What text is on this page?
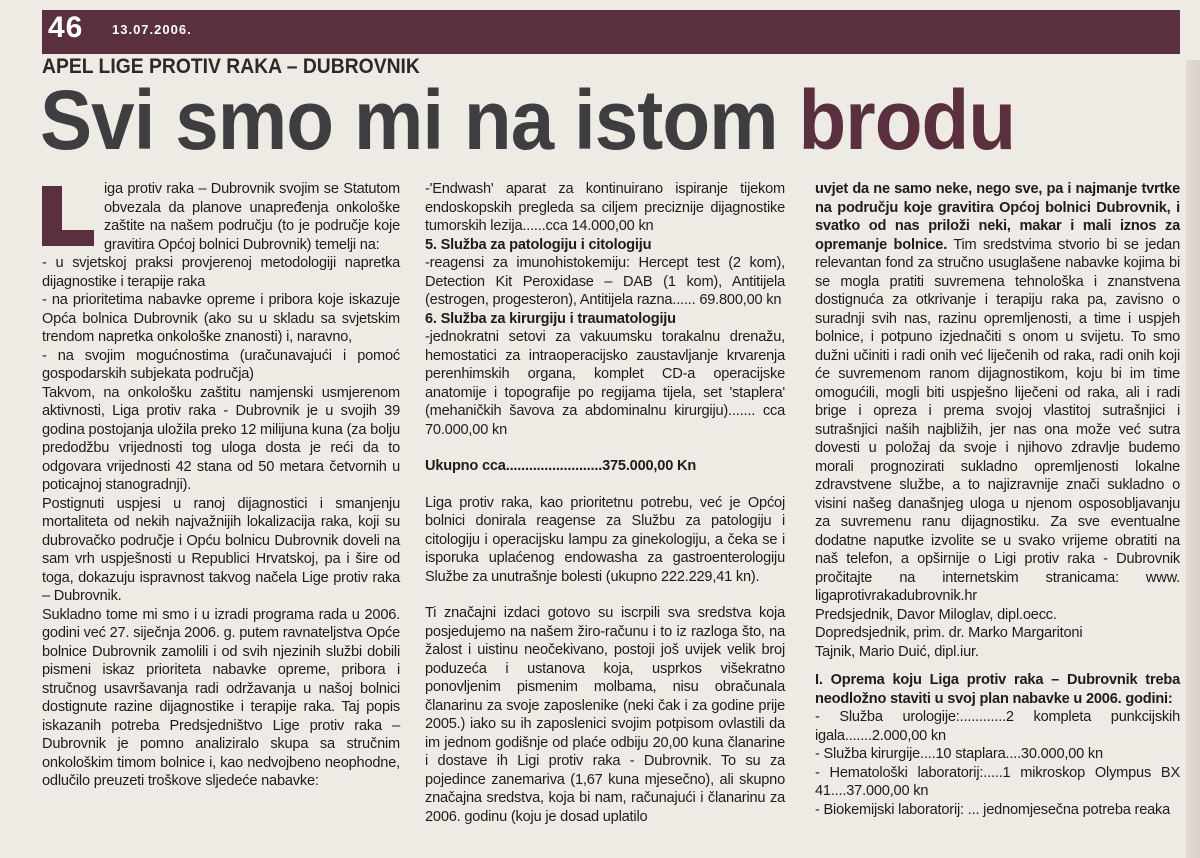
46 13.07.2006.
APEL LIGE PROTIV RAKA – DUBROVNIK
Svi smo mi na istom brodu

iga protiv raka – Dubrovnik svojim se Statutom obvezala da planove unapređenja onkološke zaštite na našem području (to je područje koje gravitira Općoj bolnici Dubrovnik) temelji na:

- u svjetskoj praksi provjerenoj metodologiji napretka dijagnostike i terapije raka

- na prioritetima nabavke opreme i pribora koje iskazuje Opća bolnica Dubrovnik (ako su u skladu sa svjetskim trendom napretka onkološke znanosti) i, naravno,

- na svojim mogućnostima (uračunavajući i pomoć gospodarskih subjekata područja)

Takvom, na onkološku zaštitu namjenski usmjerenom aktivnosti, Liga protiv raka - Dubrovnik je u svojih 39 godina postojanja uložila preko 12 milijuna kuna (za bolju predodžbu vrijednosti tog uloga dosta je reći da to odgovara vrijednosti 42 stana od 50 metara četvornih u poticajnoj stanogradnji).

Postignuti uspjesi u ranoj dijagnostici i smanjenju mortaliteta od nekih najvažnijih lokalizacija raka, koji su dubrovačko područje i Opću bolnicu Dubrovnik doveli na sam vrh uspješnosti u Republici Hrvatskoj, pa i šire od toga, dokazuju ispravnost takvog načela Lige protiv raka – Dubrovnik.

Sukladno tome mi smo i u izradi programa rada u 2006. godini već 27. siječnja 2006. g. putem ravnateljstva Opće bolnice Dubrovnik zamolili i od svih njezinih službi dobili pismeni iskaz prioriteta nabavke opreme, pribora i stručnog usavršavanja radi održavanja u našoj bolnici dostignute razine dijagnostike i terapije raka. Taj popis iskazanih potreba Predsjedništvo Lige protiv raka – Dubrovnik je pomno analiziralo skupa sa stručnim onkološkim timom bolnice i, kao nedvojbeno neophodne, odlučilo preuzeti troškove sljedeće nabavke:

-'Endwash' aparat za kontinuirano ispiranje tijekom endoskopskih pregleda sa ciljem preciznije dijagnostike tumorskih lezija......cca 14.000,00 kn

5. Služba za patologiju i citologiju

-reagensi za imunohistokemiju: Hercept test (2 kom), Detection Kit Peroxidase – DAB (1 kom), Antitijela (estrogen, progesteron), Antitijela razna...... 69.800,00 kn

6. Služba za kirurgiju i traumatologiju

-jednokratni setovi za vakuumsku torakalnu drenažu, hemostatici za intraoperacijsko zaustavljanje krvarenja perenhimskih organa, komplet CD-a operacijske anatomije i topografije po regijama tijela, set 'staplera' (mehaničkih šavova za abdominalnu kirurgiju)....... cca 70.000,00 kn

Ukupno cca.........................375.000,00 Kn

Liga protiv raka, kao prioritetnu potrebu, već je Općoj bolnici donirala reagense za Službu za patologiju i citologiju i operacijsku lampu za ginekologiju, a čeka se i isporuka uplaćenog endowasha za gastroenterologiju Službe za unutrašnje bolesti (ukupno 222.229,41 kn).

Ti značajni izdaci gotovo su iscrpili sva sredstva koja posjedujemo na našem žiro-računu i to iz razloga što, na žalost i uistinu neočekivano, postoji još uvijek velik broj poduzeća i ustanova koja, usprkos višekratno ponovljenim pismenim molbama, nisu obračunala članarinu za svoje zaposlenike (neki čak i za godine prije 2005.) iako su ih zaposlenici svojim potpisom ovlastili da im jednom godišnje od plaće odbiju 20,00 kuna članarine i dostave ih Ligi protiv raka - Dubrovnik. To su za pojedince zanemariva (1,67 kuna mjesečno), ali skupno značajna sredstva, koja bi nam, računajući i članarinu za 2006. godinu (koju je dosad uplatilo

uvjet da ne samo neke, nego sve, pa i najmanje tvrtke na području koje gravitira Općoj bolnici Dubrovnik, i svatko od nas priloži neki, makar i mali iznos za opremanje bolnice. Tim sredstvima stvorio bi se jedan relevantan fond za stručno usuglašene nabavke kojima bi se mogla pratiti suvremena tehnološka i znanstvena dostignuća za otkrivanje i terapiju raka pa, zavisno o suradnji svih nas, razinu opremljenosti, a time i uspjeh bolnice, i potpuno izjednačiti s onom u svijetu. To smo dužni učiniti i radi onih već liječenih od raka, radi onih koji će suvremenom ranom dijagnostikom, koju bi im time omogućili, mogli biti uspješno liječeni od raka, ali i radi brige i opreza i prema svojoj vlastitoj sutrašnjici i sutrašnjici naših najbližih, jer nas ona može već sutra dovesti u položaj da svoje i njihovo zdravlje budemo morali prognozirati sukladno opremljenosti lokalne zdravstvene službe, a to najizravnije znači sukladno o visini našeg današnjeg uloga u njenom osposobljavanju za suvremenu ranu dijagnostiku. Za sve eventualne dodatne naputke izvolite se u svako vrijeme obratiti na naš telefon, a opširnije o Ligi protiv raka - Dubrovnik pročitajte na internetskim stranicama: www. ligaprotivrakadubrovnik.hr

Predsjednik, Davor Miloglav, dipl.oecc.

Dopredsjednik, prim. dr. Marko Margaritoni

Tajnik, Mario Duić, dipl.iur.

I. Oprema koju Liga protiv raka – Dubrovnik treba neodložno staviti u svoj plan nabavke u 2006. godini:

- Služba urologije:............2 kompleta punkcijskih igala.......2.000,00 kn

- Služba kirurgije....10 staplara....30.000,00 kn

- Hematološki laboratorij:.....1 mikroskop Olympus BX 41....37.000,00 kn

- Biokemijski laboratorij: ... jednomjesečna potreba reaka
